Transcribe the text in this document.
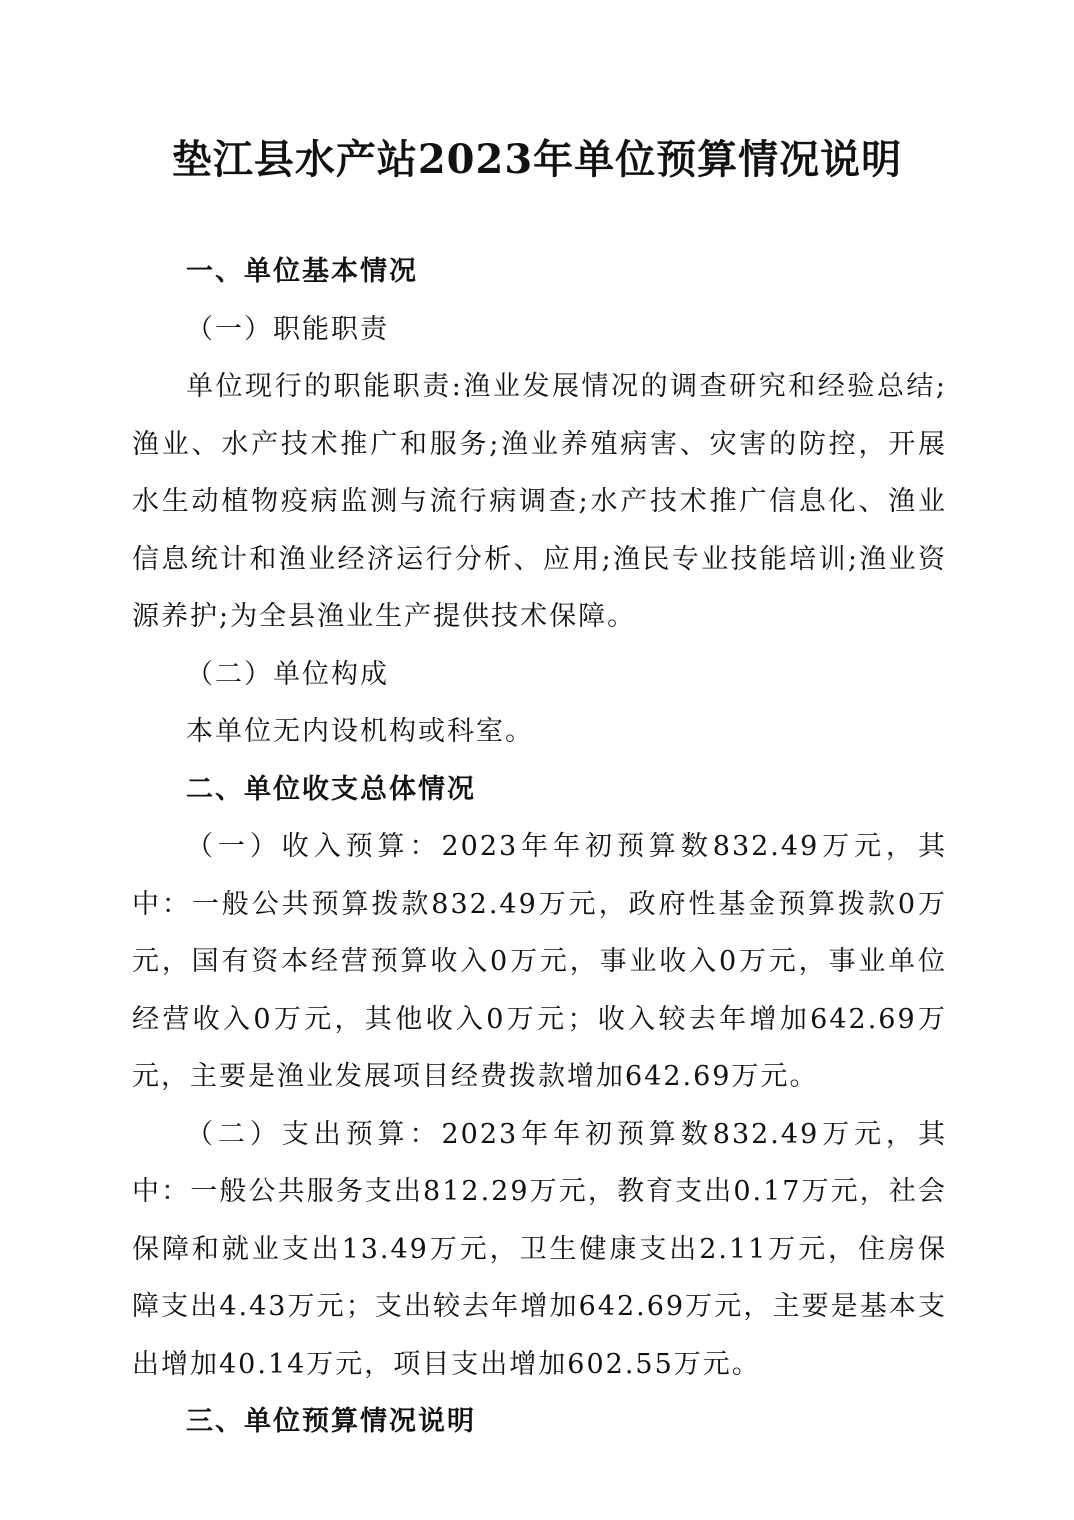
垫江县水产站2023年单位预算情况说明

一、单位基本情况

（一）职能职责

单位现行的职能职责:渔业发展情况的调查研究和经验总结;渔业、水产技术推广和服务;渔业养殖病害、灾害的防控，开展水生动植物疫病监测与流行病调查;水产技术推广信息化、渔业信息统计和渔业经济运行分析、应用;渔民专业技能培训;渔业资源养护;为全县渔业生产提供技术保障。

（二）单位构成

本单位无内设机构或科室。

二、单位收支总体情况

（一）收入预算：2023年年初预算数832.49万元，其中：一般公共预算拨款832.49万元，政府性基金预算拨款0万元，国有资本经营预算收入0万元，事业收入0万元，事业单位经营收入0万元，其他收入0万元；收入较去年增加642.69万元，主要是渔业发展项目经费拨款增加642.69万元。

（二）支出预算：2023年年初预算数832.49万元，其中：一般公共服务支出812.29万元，教育支出0.17万元，社会保障和就业支出13.49万元，卫生健康支出2.11万元，住房保障支出4.43万元；支出较去年增加642.69万元，主要是基本支出增加40.14万元，项目支出增加602.55万元。

三、单位预算情况说明
